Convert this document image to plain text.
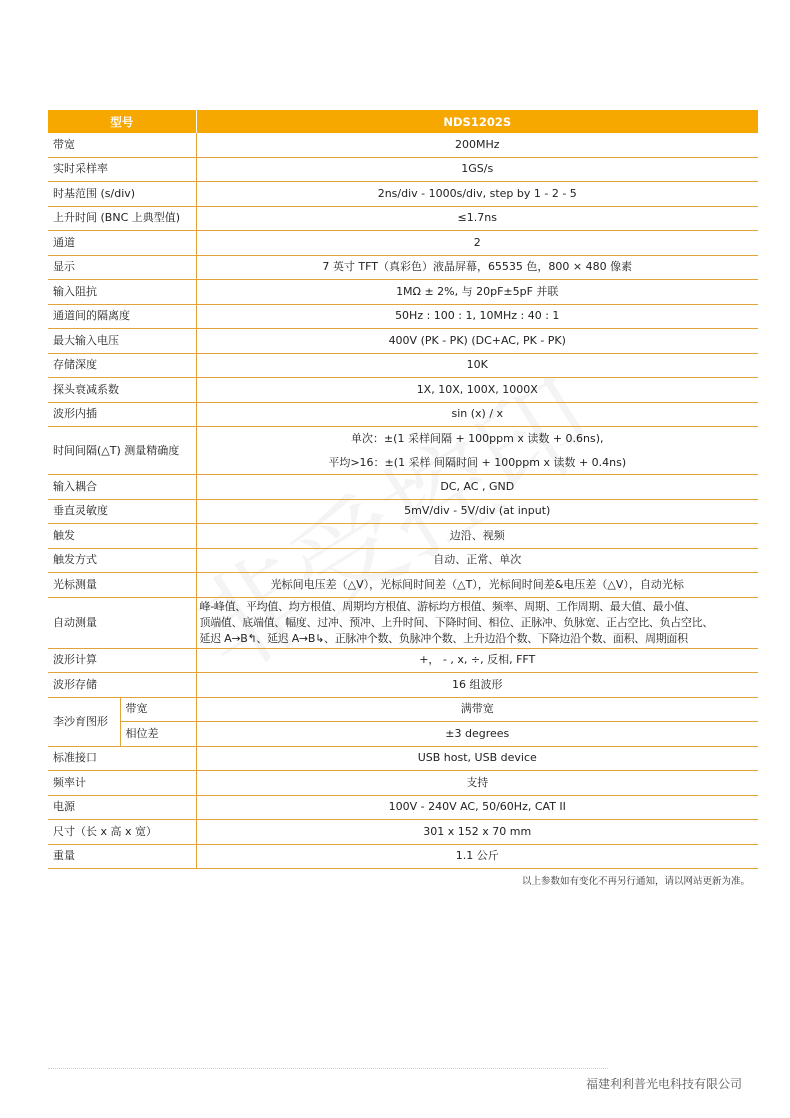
型号		NDS1202S
带宽		200MHz
实时采样率		1GS/s
时基范围 (s/div)		2ns/div - 1000s/div, step by 1 - 2 - 5
上升时间 (BNC 上典型值)		≤1.7ns
通道		2
显示		7 英寸 TFT（真彩色）液晶屏幕，65535 色，800 × 480 像素
输入阻抗		1MΩ ± 2%, 与 20pF±5pF 并联
通道间的隔离度		50Hz : 100 : 1, 10MHz : 40 : 1
最大输入电压		400V (PK - PK) (DC+AC, PK - PK)
存储深度		10K
探头衰减系数		1X, 10X, 100X, 1000X
波形内插		sin (x) / x
时间间隔(△T) 测量精确度		单次：±(1 采样间隔 + 100ppm x 读数 + 0.6ns),
平均>16：±(1 采样 间隔时间 + 100ppm x 读数 + 0.4ns)

输入耦合		DC, AC , GND
垂直灵敏度		5mV/div - 5V/div (at input)
触发		边沿、视频
触发方式		自动、正常、单次
光标测量		光标间电压差（△V），光标间时间差（△T），光标间时间差&电压差（△V），自动光标
自动测量		峰-峰值、平均值、均方根值、周期均方根值、游标均方根值、频率、周期、工作周期、最大值、最小值、
顶端值、底端值、幅度、过冲、预冲、上升时间、下降时间、相位、正脉冲、负脉宽、正占空比、负占空比、
延迟 A→B↰、延迟 A→B↳、正脉冲个数、负脉冲个数、上升边沿个数、下降边沿个数、面积、周期面积

波形计算		+， - , x, ÷, 反相, FFT
波形存储		16 组波形
李沙育图形	带宽	满带宽
	相位差	±3 degrees
标准接口		USB host, USB device
频率计		支持
电源		100V - 240V AC, 50/60Hz, CAT II
尺寸（长 x 高 x 宽）		301 x 152 x 70 mm
重量		1.1 公斤
以上参数如有变化不再另行通知，请以网站更新为准。
福建利利普光电科技有限公司
